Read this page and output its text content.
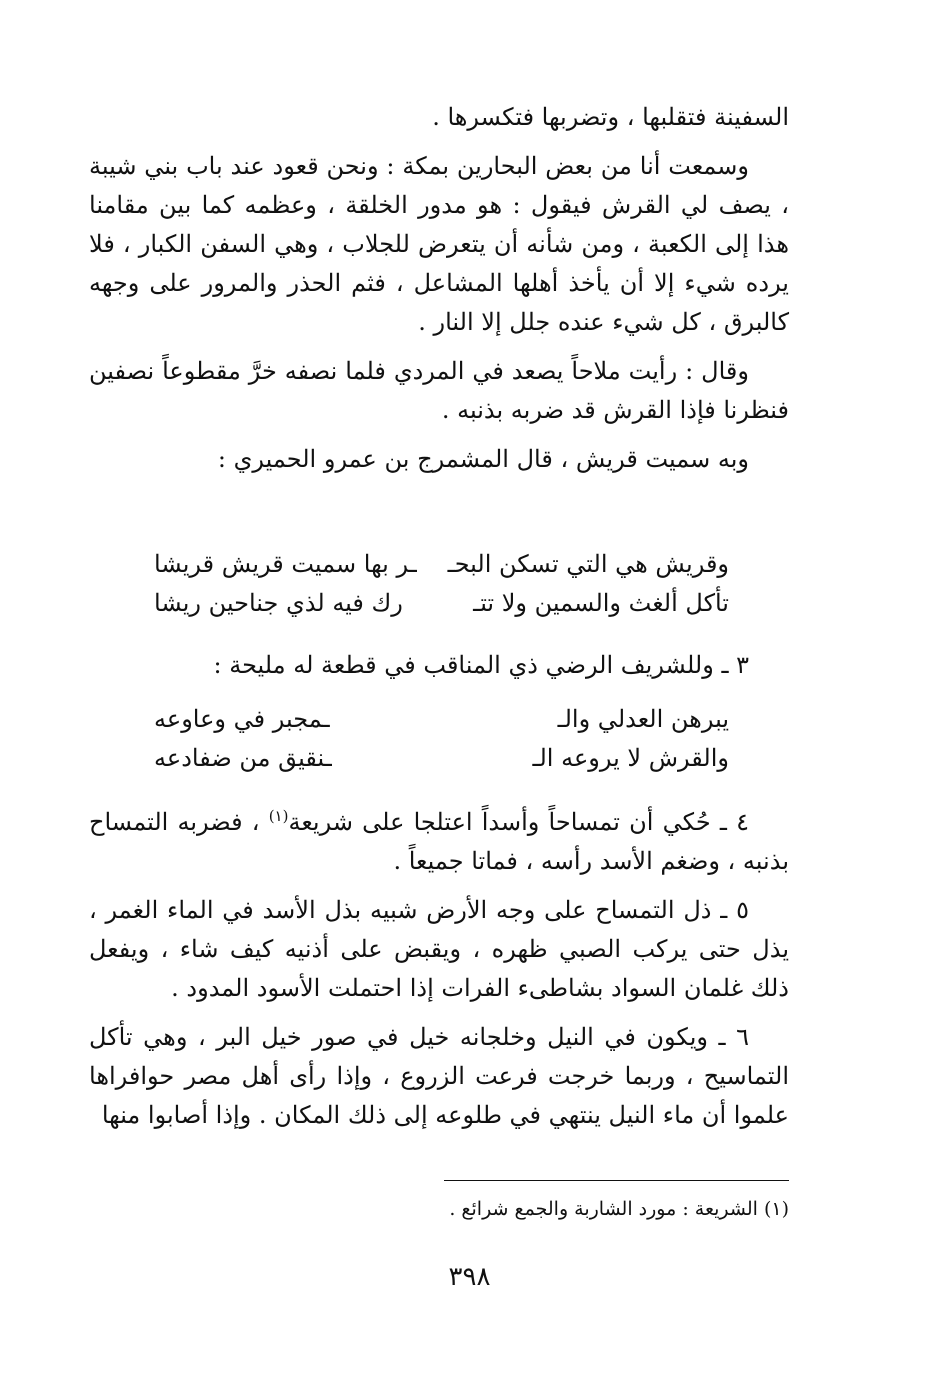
السفينة فتقلبها ، وتضربها فتكسرها .

وسمعت أنا من بعض البحارين بمكة : ونحن قعود عند باب بني شيبة ، يصف لي القرش فيقول : هو مدور الخلقة ، وعظمه كما بين مقامنا هذا إلى الكعبة ، ومن شأنه أن يتعرض للجلاب ، وهي السفن الكبار ، فلا يرده شيء إلا أن يأخذ أهلها المشاعل ، فثم الحذر والمرور على وجهه كالبرق ، كل شيء عنده جلل إلا النار .

وقال : رأيت ملاحاً يصعد في المردي فلما نصفه خرَّ مقطوعاً نصفين فنظرنا فإذا القرش قد ضربه بذنبه .

وبه سميت قريش ، قال المشمرج بن عمرو الحميري :

وقريش هي التي تسكن البحـ
ـر بها سميت قريش قريشا
تأكل ألغث والسمين ولا تتـ
رك فيه لذي جناحين ريشا

٣ ـ وللشريف الرضي ذي المناقب في قطعة له مليحة :

يبرهن العدلي والـ
ـمجبر في وعاوعه
والقرش لا يروعه الـ
ـنقيق من ضفادعه

٤ ـ حُكي أن تمساحاً وأسداً اعتلجا على شريعة$^{(١)}$ ، فضربه التمساح بذنبه ، وضغم الأسد رأسه ، فماتا جميعاً .

٥ ـ ذل التمساح على وجه الأرض شبيه بذل الأسد في الماء الغمر ، يذل حتى يركب الصبي ظهره ، ويقبض على أذنيه كيف شاء ، ويفعل ذلك غلمان السواد بشاطىء الفرات إذا احتملت الأسود المدود .

٦ ـ ويكون في النيل وخلجانه خيل في صور خيل البر ، وهي تأكل التماسيح ، وربما خرجت فرعت الزروع ، وإذا رأى أهل مصر حوافراها علموا أن ماء النيل ينتهي في طلوعه إلى ذلك المكان . وإذا أصابوا منها

(١) الشريعة : مورد الشاربة والجمع شرائع .
٣٩٨
